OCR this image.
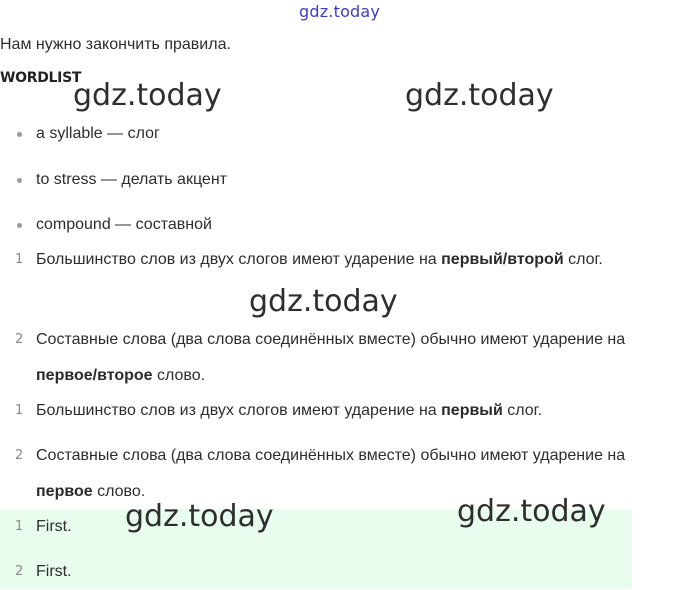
gdz.today
Нам нужно закончить правила.
WORDLIST
a syllable — слог
to stress — делать акцент
compound — составной
1 Большинство слов из двух слогов имеют ударение на первый/второй слог.
2 Составные слова (два слова соединённых вместе) обычно имеют ударение на первое/второе слово.
1 Большинство слов из двух слогов имеют ударение на первый слог.
2 Составные слова (два слова соединённых вместе) обычно имеют ударение на первое слово.
1 First.
2 First.
gdz.today	gdz.today
gdz.today
gdz.today	gdz.today
